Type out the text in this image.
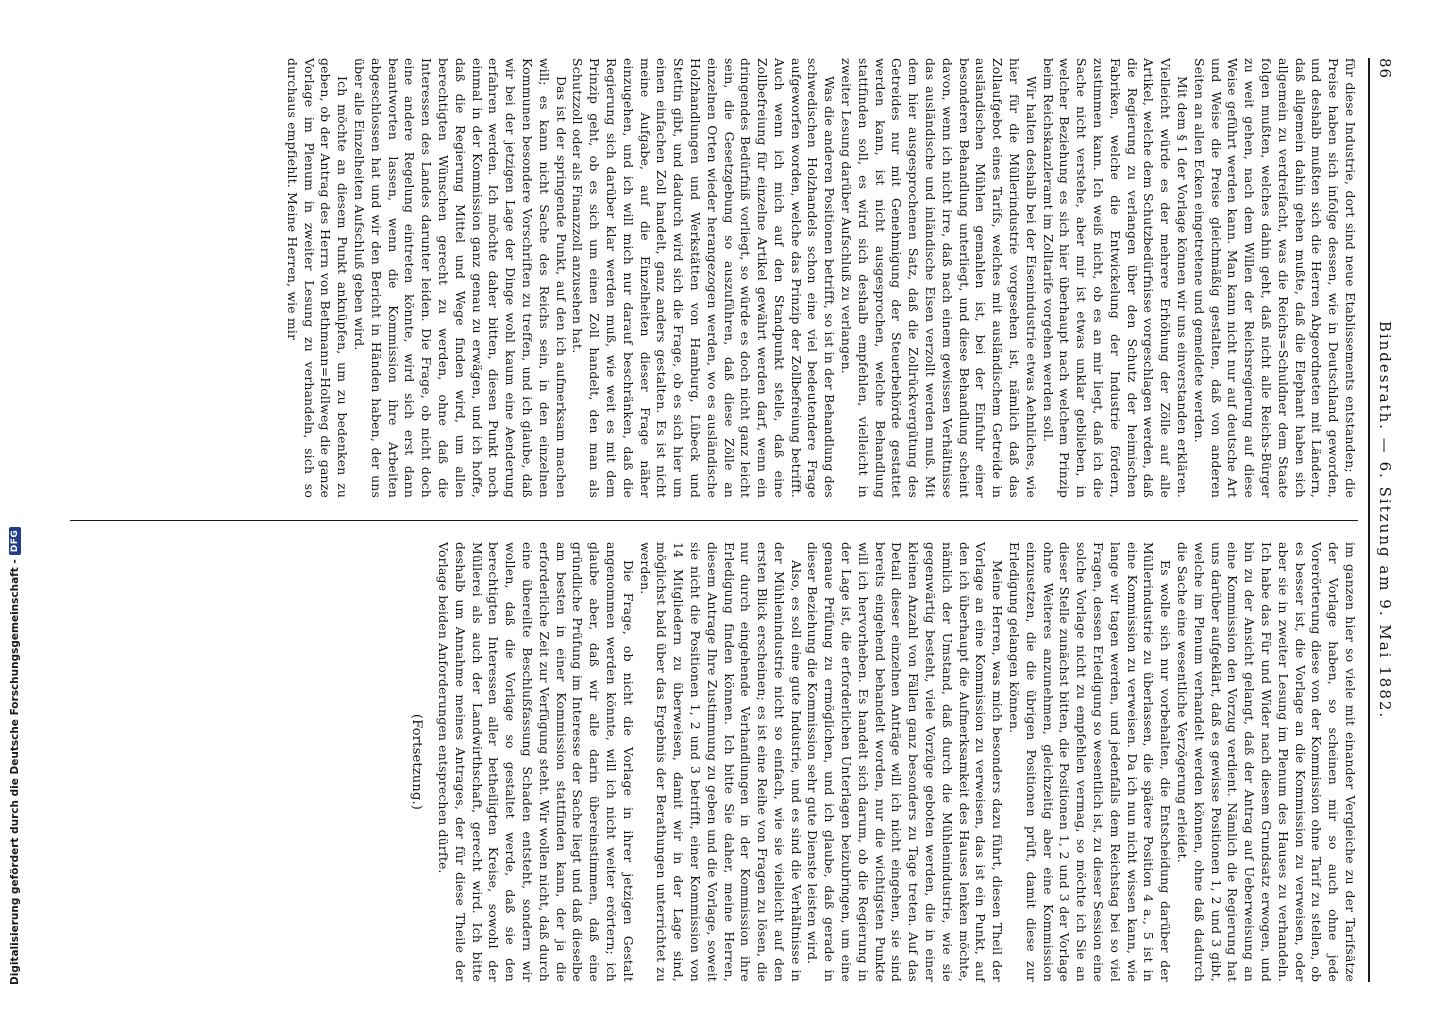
86
Bindesrath. — 6. Sitzung am 9. Mai 1882.

für diese Industrie, dort sind neue Etablissements entstanden; die Preise haben sich infolge dessen, wie in Deutschland geworden, und deshalb mußten sich die Herren Abgeordneten mit Ländern, daß allgemein dahin gehen mußte, daß die Elephant haben sich allgemein zu verdreifacht, was die Reichs=Schuldner dem Staate folgen mußten, welches dahin geht, daß nicht alle Reichs-Bürger zu weit gehen, nach dem Willen der Reichsregierung auf diese Weise geführt werden kann. Man kann nicht nur auf deutsche Art und Weise die Preise gleichmäßig gestalten, daß von anderen Seiten an allen Ecken eingetretene und gemeldete werden.

Mit dem § 1 der Vorlage können wir uns einverstanden erklären. Vielleicht würde es der mehrere Erhöhung der Zölle auf alle Artikel, welche dem Schutzbedürfnisse vorgeschlagen werden, daß die Regierung zu verlangen über den Schutz der heimischen Fabriken, welche die Entwickelung der Industrie fördern, zustimmen kann. Ich weiß nicht, ob es an mir liegt, daß ich die Sache nicht verstehe, aber mir ist etwas unklar geblieben, in welcher Beziehung es sich hier überhaupt nach welchem Prinzip beim Reichskanzleramt im Zolltarife vorgehen werden soll.

Wir halten deshalb bei der Eisenindustrie etwas Aehnliches, wie hier für die Müllerindustrie vorgesehen ist, nämlich daß das Zollaufgebot eines Tarifs, welches mit ausländischem Getreide in ausländischen Mühlen gemahlen ist, bei der Einfuhr einer besonderen Behandlung unterliegt, und diese Behandlung scheint davon, wenn ich nicht irre, daß nach einem gewissen Verhältnisse das ausländische und inländische Eisen verzollt werden muß. Mit dem hier ausgesprochenen Satz, daß die Zollrückvergütung des Getreides nur mit Genehmigung der Steuerbehörde gestattet werden kann, ist nicht ausgesprochen, welche Behandlung stattfinden soll, es wird sich deshalb empfehlen, vielleicht in zweiter Lesung darüber Aufschluß zu verlangen.

Was die anderen Positionen betrifft, so ist in der Behandlung des schwedischen Holzhandels schon eine viel bedeutendere Frage aufgeworfen worden, welche das Prinzip der Zollbefreiung betrifft. Auch wenn ich mich auf den Standpunkt stelle, daß eine Zollbefreiung für einzelne Artikel gewährt werden darf, wenn ein dringendes Bedürfniß vorliegt, so würde es doch nicht ganz leicht sein, die Gesetzgebung so auszuführen, daß diese Zölle an einzelnen Orten wieder herangezogen werden, wo es ausländische Holzhandlungen und Werkstätten von Hamburg, Lübeck und Stettin gibt, und dadurch wird sich die Frage, ob es sich hier um einen einfachen Zoll handelt, ganz anders gestalten. Es ist nicht meine Aufgabe, auf die Einzelheiten dieser Frage näher einzugehen, und ich will mich nur darauf beschränken, daß die Regierung sich darüber klar werden muß, wie weit es mit dem Prinzip geht, ob es sich um einen Zoll handelt, den man als Schutzzoll oder als Finanzzoll anzusehen hat.

Das ist der springende Punkt, auf den ich aufmerksam machen will; es kann nicht Sache des Reichs sein, in den einzelnen Kommunen besondere Vorschriften zu treffen, und ich glaube, daß wir bei der jetzigen Lage der Dinge wohl kaum eine Aenderung erfahren werden. Ich möchte daher bitten, diesen Punkt noch einmal in der Kommission ganz genau zu erwägen, und ich hoffe, daß die Regierung Mittel und Wege finden wird, um allen berechtigten Wünschen gerecht zu werden, ohne daß die Interessen des Landes darunter leiden. Die Frage, ob nicht doch eine andere Regelung eintreten könnte, wird sich erst dann beantworten lassen, wenn die Kommission ihre Arbeiten abgeschlossen hat und wir den Bericht in Händen haben, der uns über alle Einzelheiten Aufschluß geben wird.

Ich möchte an diesem Punkt anknüpfen, um zu bedenken zu geben, ob der Antrag des Herrn von Bethmann=Hollweg die ganze Vorlage im Plenum in zweiter Lesung zu verhandeln, sich so durchaus empfiehlt. Meine Herren, wie mir

im ganzen hier so viele mit einander Vergleiche zu der Tarifsätze der Vorlage haben, so scheinen mir so auch ohne jede Vorerörterung diese von der Kommission ohne Tarif zu stellen, ob es besser ist, die Vorlage an die Kommission zu verweisen, oder aber sie in zweiter Lesung im Plenum des Hauses zu verhandeln. Ich habe das Für und Wider nach diesem Grundsatz erwogen, und bin zu der Ansicht gelangt, daß der Antrag auf Ueberweisung an eine Kommission den Vorzug verdient. Nämlich die Regierung hat uns darüber aufgeklärt, daß es gewisse Positionen 1, 2 und 3 gibt, welche im Plenum verhandelt werden können, ohne daß dadurch die Sache eine wesentliche Verzögerung erleidet.

Es wolle sich nur vorbehalten, die Entscheidung darüber der Müllerindustrie zu überlassen, die spätere Position 4 a., 5 ist in eine Kommission zu verweisen. Da ich nun nicht wissen kann, wie lange wir tagen werden, und jedenfalls dem Reichstag bei so viel Fragen, dessen Erledigung so wesentlich ist, zu dieser Session eine solche Vorlage nicht zu empfehlen vermag, so möchte ich Sie an dieser Stelle zunächst bitten, die Positionen 1, 2 und 3 der Vorlage ohne Weiteres anzunehmen, gleichzeitig aber eine Kommission einzusetzen, die die übrigen Positionen prüft, damit diese zur Erledigung gelangen können.

Meine Herren, was mich besonders dazu führt, diesen Theil der Vorlage an eine Kommission zu verweisen, das ist ein Punkt, auf den ich überhaupt die Aufmerksamkeit des Hauses lenken möchte, nämlich der Umstand, daß durch die Mühlenindustrie, wie sie gegenwärtig besteht, viele Vorzüge geboten werden, die in einer kleinen Anzahl von Fällen ganz besonders zu Tage treten. Auf das Detail dieser einzelnen Anträge will ich nicht eingehen, sie sind bereits eingehend behandelt worden, nur die wichtigsten Punkte will ich hervorheben. Es handelt sich darum, ob die Regierung in der Lage ist, die erforderlichen Unterlagen beizubringen, um eine genaue Prüfung zu ermöglichen, und ich glaube, daß gerade in dieser Beziehung die Kommission sehr gute Dienste leisten wird.

Also, es soll eine gute Industrie, und es sind die Verhältnisse in der Mühlenindustrie nicht so einfach, wie sie vielleicht auf den ersten Blick erscheinen; es ist eine Reihe von Fragen zu lösen, die nur durch eingehende Verhandlungen in der Kommission ihre Erledigung finden können. Ich bitte Sie daher, meine Herren, diesem Antrage Ihre Zustimmung zu geben und die Vorlage, soweit sie nicht die Positionen 1, 2 und 3 betrifft, einer Kommission von 14 Mitgliedern zu überweisen, damit wir in der Lage sind, möglichst bald über das Ergebnis der Berathungen unterrichtet zu werden.

Die Frage, ob nicht die Vorlage in ihrer jetzigen Gestalt angenommen werden könnte, will ich nicht weiter erörtern; ich glaube aber, daß wir alle darin übereinstimmen, daß eine gründliche Prüfung im Interesse der Sache liegt und daß dieselbe am besten in einer Kommission stattfinden kann, der ja die erforderliche Zeit zur Verfügung steht. Wir wollen nicht, daß durch eine übereilte Beschlußfassung Schaden entsteht, sondern wir wollen, daß die Vorlage so gestaltet werde, daß sie den berechtigten Interessen aller betheiligten Kreise, sowohl der Müllerei als auch der Landwirthschaft, gerecht wird. Ich bitte deshalb um Annahme meines Antrages, der für diese Theile der Vorlage beiden Anforderungen entsprechen dürfte.

(Fortsetzung.)
Digitalisierung gefördert durch die Deutsche Forschungsgemeinschaft -
DFG
